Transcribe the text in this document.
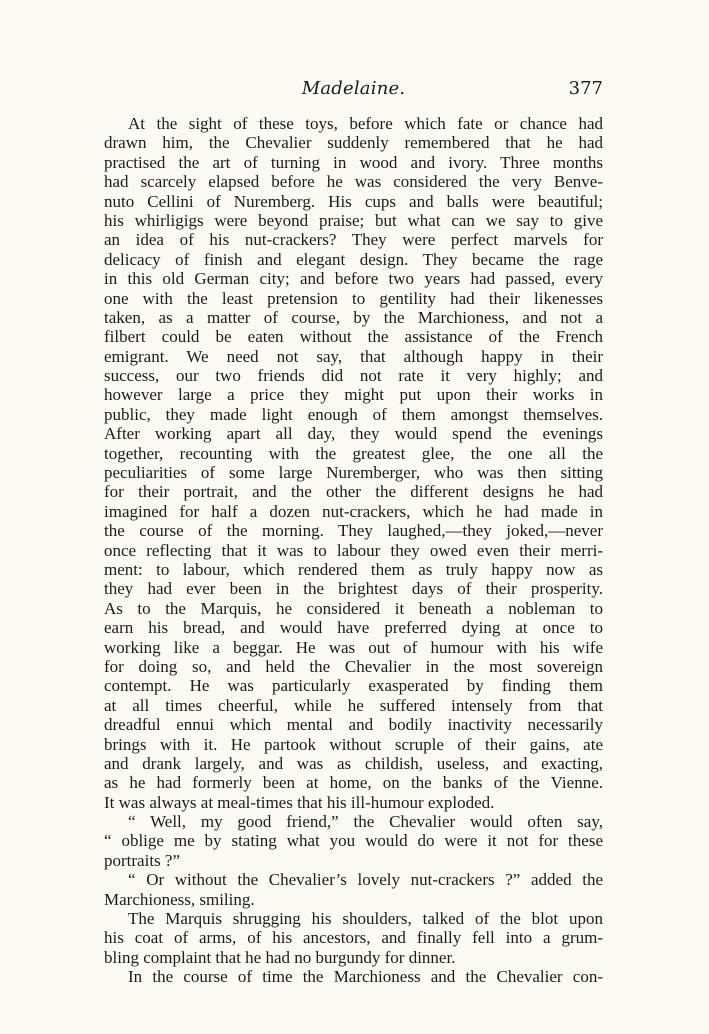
Madelaine.	377
At the sight of these toys, before which fate or chance had
drawn him, the Chevalier suddenly remembered that he had
practised the art of turning in wood and ivory. Three months
had scarcely elapsed before he was considered the very Benve-
nuto Cellini of Nuremberg. His cups and balls were beautiful;
his whirligigs were beyond praise; but what can we say to give
an idea of his nut-crackers? They were perfect marvels for
delicacy of finish and elegant design. They became the rage
in this old German city; and before two years had passed, every
one with the least pretension to gentility had their likenesses
taken, as a matter of course, by the Marchioness, and not a
filbert could be eaten without the assistance of the French
emigrant. We need not say, that although happy in their
success, our two friends did not rate it very highly; and
however large a price they might put upon their works in
public, they made light enough of them amongst themselves.
After working apart all day, they would spend the evenings
together, recounting with the greatest glee, the one all the
peculiarities of some large Nuremberger, who was then sitting
for their portrait, and the other the different designs he had
imagined for half a dozen nut-crackers, which he had made in
the course of the morning. They laughed,—they joked,—never
once reflecting that it was to labour they owed even their merri-
ment: to labour, which rendered them as truly happy now as
they had ever been in the brightest days of their prosperity.
As to the Marquis, he considered it beneath a nobleman to
earn his bread, and would have preferred dying at once to
working like a beggar. He was out of humour with his wife
for doing so, and held the Chevalier in the most sovereign
contempt. He was particularly exasperated by finding them
at all times cheerful, while he suffered intensely from that
dreadful ennui which mental and bodily inactivity necessarily
brings with it. He partook without scruple of their gains, ate
and drank largely, and was as childish, useless, and exacting,
as he had formerly been at home, on the banks of the Vienne.
It was always at meal-times that his ill-humour exploded.
“ Well, my good friend,” the Chevalier would often say,
“ oblige me by stating what you would do were it not for these
portraits ?”
“ Or without the Chevalier’s lovely nut-crackers ?” added the
Marchioness, smiling.
The Marquis shrugging his shoulders, talked of the blot upon
his coat of arms, of his ancestors, and finally fell into a grum-
bling complaint that he had no burgundy for dinner.
In the course of time the Marchioness and the Chevalier con-
